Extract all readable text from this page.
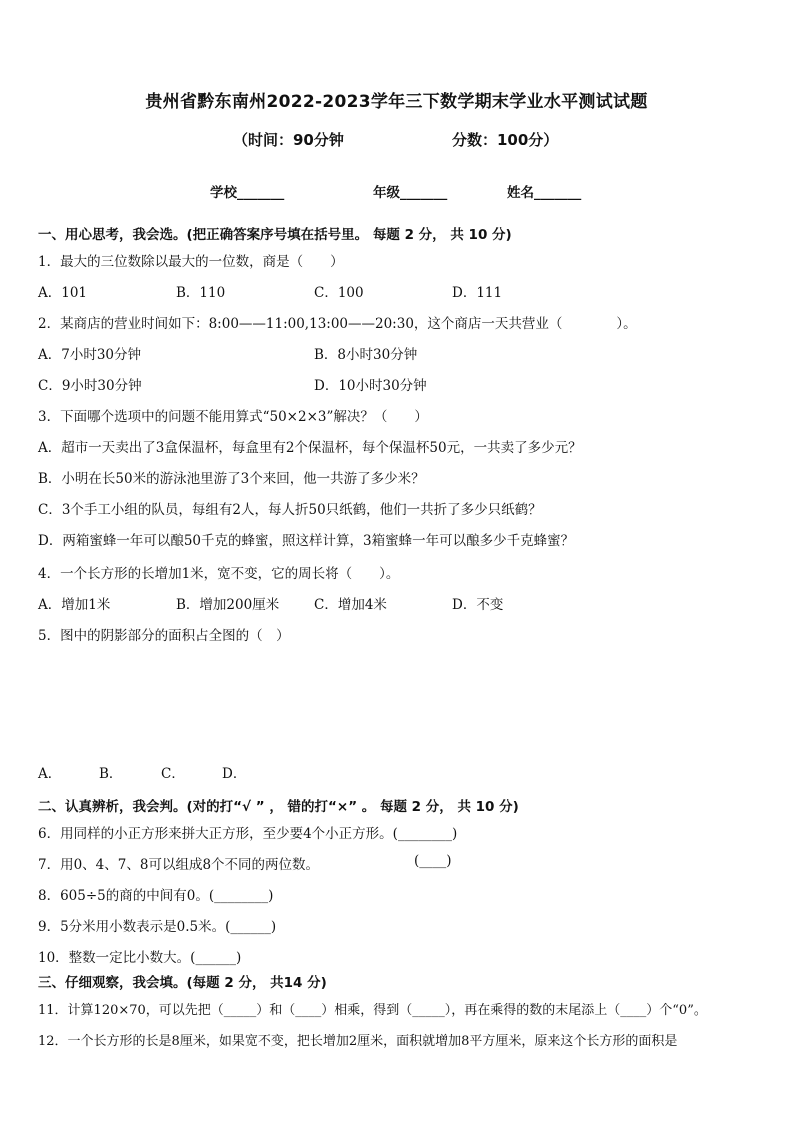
贵州省黔东南州2022-2023学年三下数学期末学业水平测试试题
（时间：90分钟	分数：100分）
学校_______	年级_______	姓名_______
一、用心思考，我会选。(把正确答案序号填在括号里。 每题 2 分， 共 10 分)
1．最大的三位数除以最大的一位数，商是（　　）
A．101	B．110	C．100	D．111
2．某商店的营业时间如下：8:00——11:00,13:00——20:30，这个商店一天共营业（　　　　）。
A．7小时30分钟	B．8小时30分钟
C．9小时30分钟	D．10小时30分钟
3．下面哪个选项中的问题不能用算式“50×2×3”解决？（　　）
A．超市一天卖出了3盒保温杯，每盒里有2个保温杯，每个保温杯50元，一共卖了多少元？
B．小明在长50米的游泳池里游了3个来回，他一共游了多少米？
C．3个手工小组的队员，每组有2人，每人折50只纸鹤，他们一共折了多少只纸鹤？
D．两箱蜜蜂一年可以酿50千克的蜂蜜，照这样计算，3箱蜜蜂一年可以酿多少千克蜂蜜？
4．一个长方形的长增加1米，宽不变，它的周长将（　　）。
A．增加1米	B．增加200厘米	C．增加4米	D．不变
5．图中的阴影部分的面积占全图的（　）
A．	B．	C．	D．
二、认真辨析，我会判。(对的打“√ ” ， 错的打“×” 。 每题 2 分， 共 10 分)
6．用同样的小正方形来拼大正方形，至少要4个小正方形。(________)
7．用0、4、7、8可以组成8个不同的两位数。	(____)
8．605÷5的商的中间有0。(________)
9．5分米用小数表示是0.5米。(______)
10．整数一定比小数大。(______)
三、仔细观察，我会填。(每题 2 分， 共14 分)
11．计算120×70，可以先把（_____）和（____）相乘，得到（_____），再在乘得的数的末尾添上（____）个“0”。
12．一个长方形的长是8厘米，如果宽不变，把长增加2厘米，面积就增加8平方厘米，原来这个长方形的面积是
